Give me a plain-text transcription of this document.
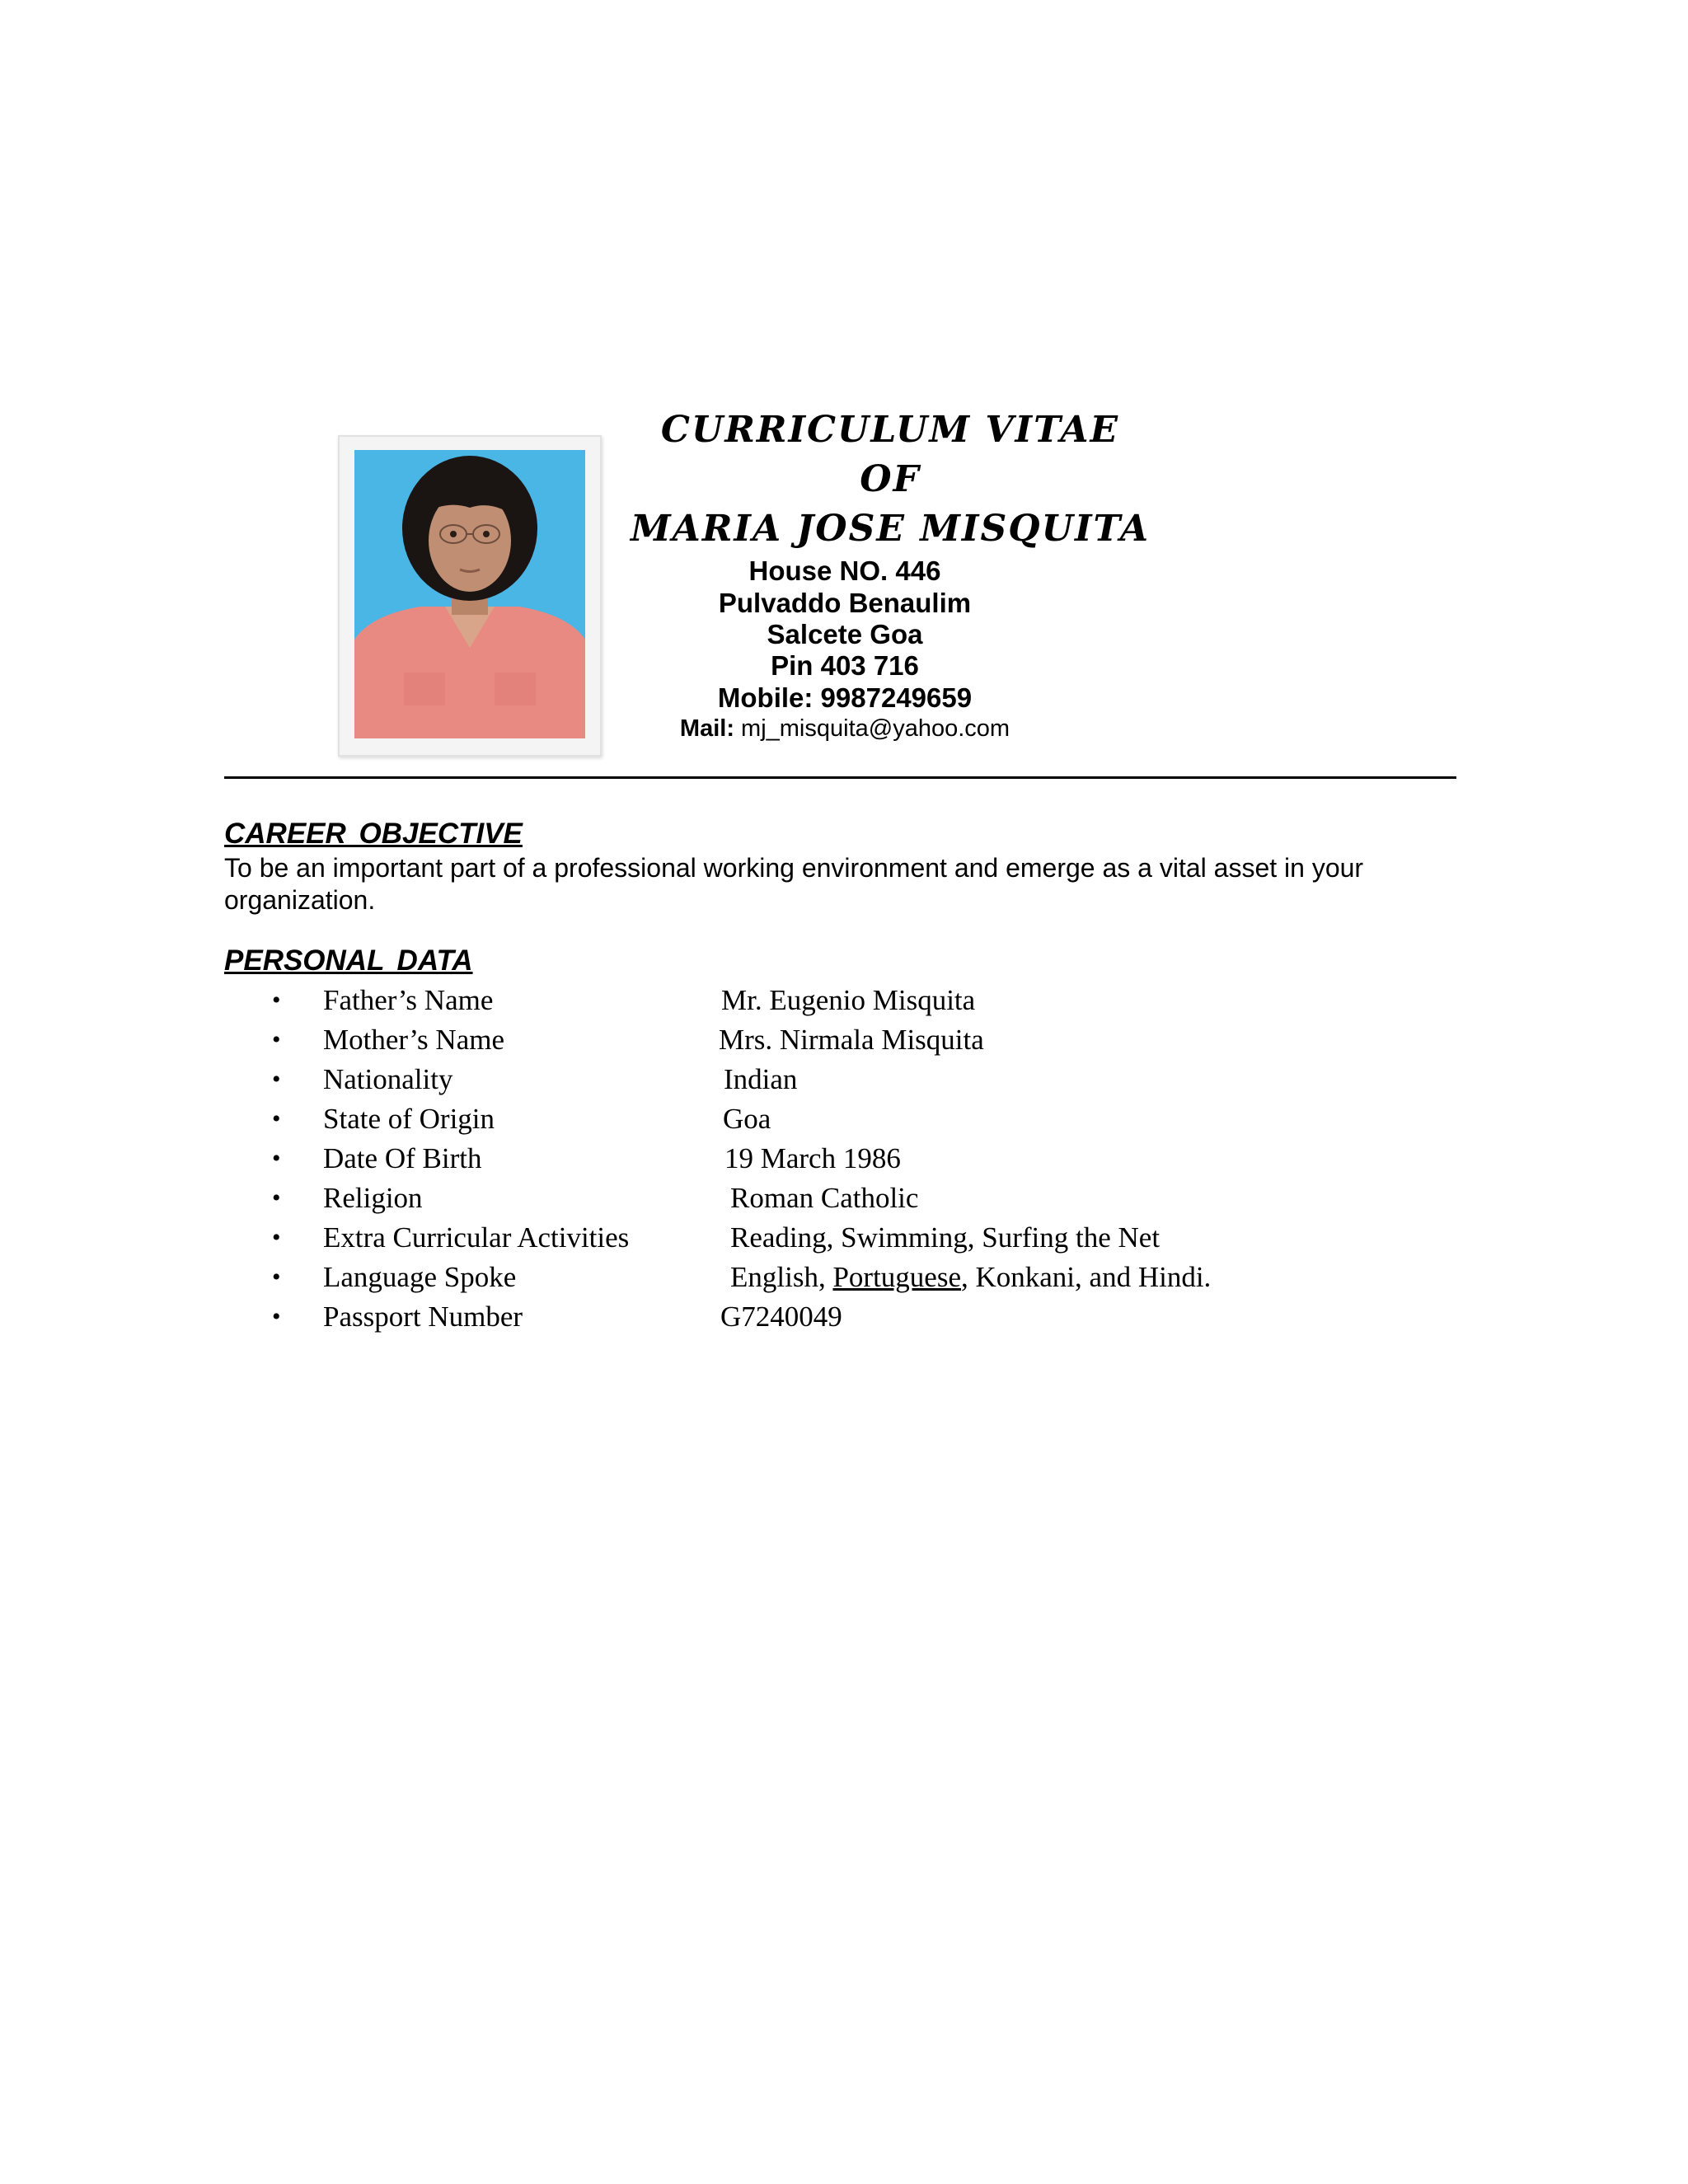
CURRICULUM VITAE
OF
MARIA JOSE MISQUITA
House NO. 446
Pulvaddo Benaulim
Salcete Goa
Pin 403 716
Mobile: 9987249659
Mail: mj_misquita@yahoo.com
CAREER OBJECTIVE
To be an important part of a professional working environment and emerge as a vital asset in your organization.
PERSONAL DATA
• Father’s Name	Mr. Eugenio Misquita
• Mother’s Name	Mrs. Nirmala Misquita
• Nationality	Indian
• State of Origin	Goa
• Date Of Birth	19 March 1986
• Religion	Roman Catholic
• Extra Curricular Activities	Reading, Swimming, Surfing the Net
• Language Spoke	English, Portuguese, Konkani, and Hindi.
• Passport Number	G7240049
